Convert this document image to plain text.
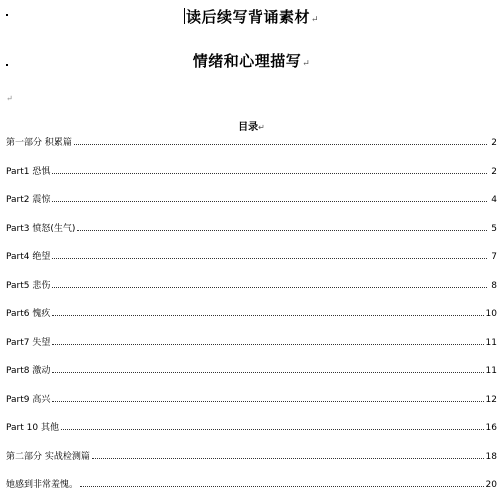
读后续写背诵素材↵
情绪和心理描写↵
↵
目录↵
第一部分 积累篇	2
Part1 恐惧	2
Part2 震惊	4
Part3 愤怒(生气)	5
Part4 绝望	7
Part5 悲伤	8
Part6 愧疚	10
Part7 失望	11
Part8 激动	11
Part9 高兴	12
Part 10 其他	16
第二部分 实战检测篇	18
她感到非常羞愧。	20
